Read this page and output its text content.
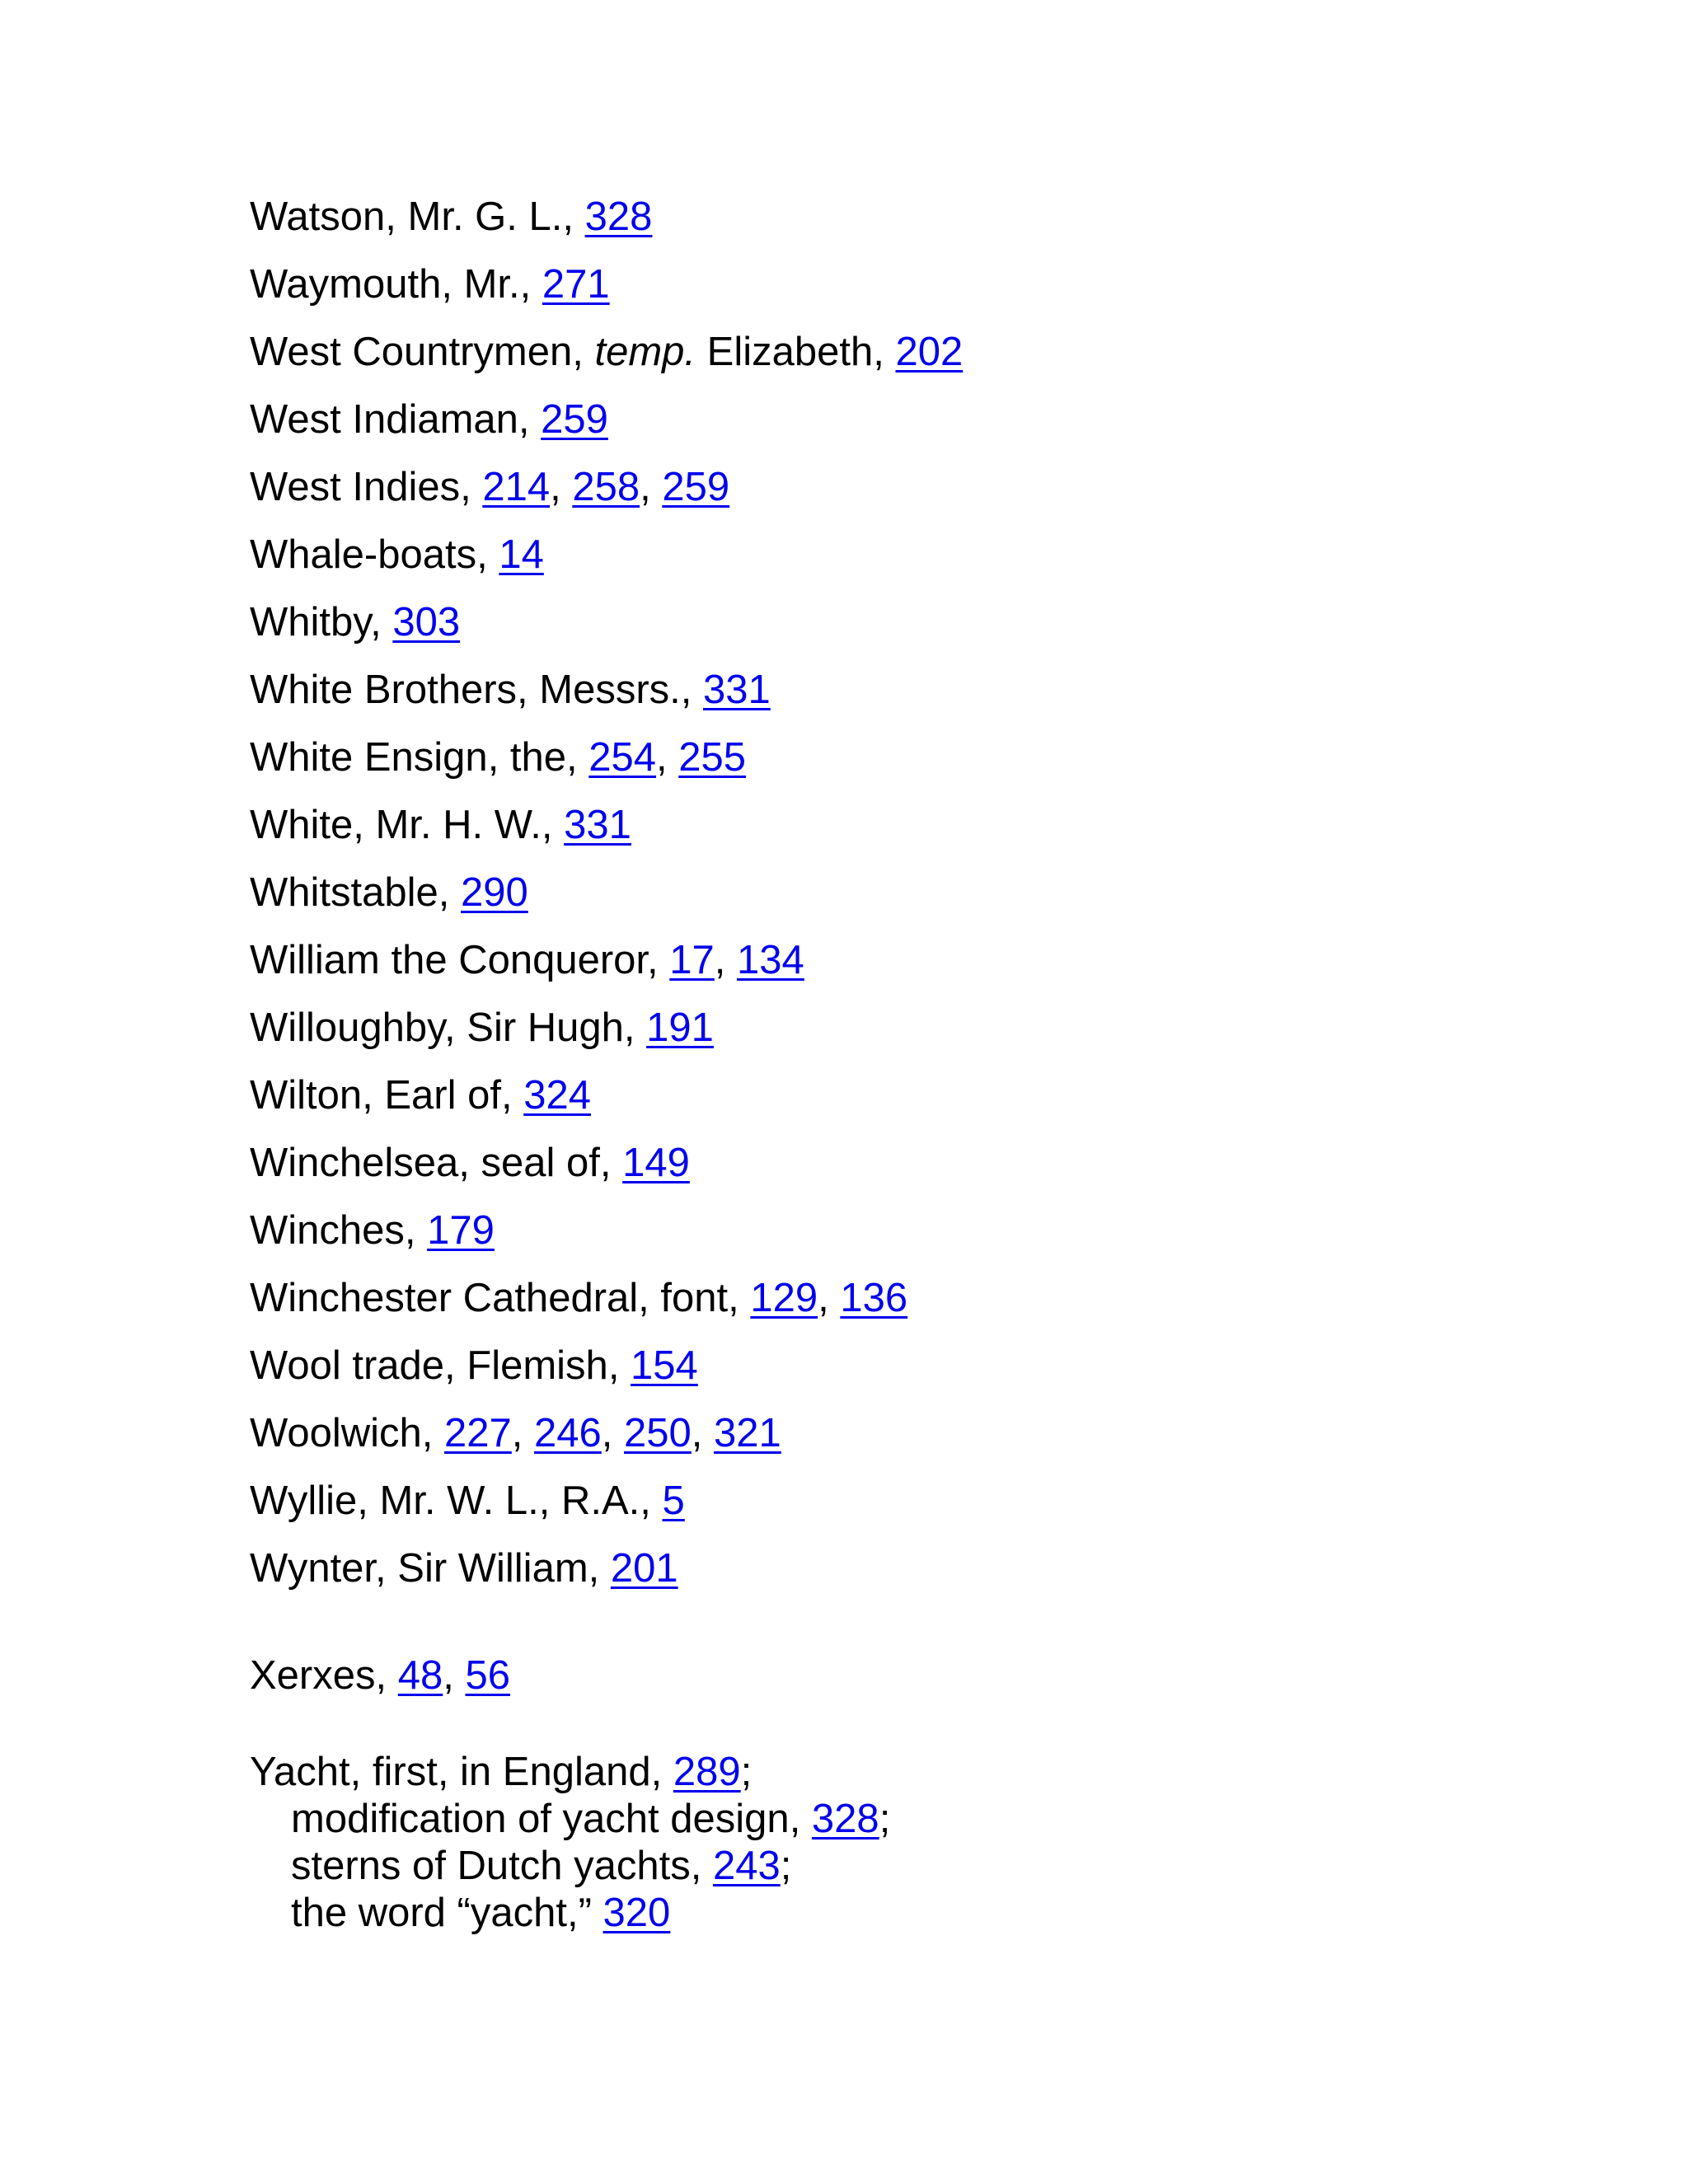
Watson, Mr. G. L., 328
Waymouth, Mr., 271
West Countrymen, temp. Elizabeth, 202
West Indiaman, 259
West Indies, 214, 258, 259
Whale-boats, 14
Whitby, 303
White Brothers, Messrs., 331
White Ensign, the, 254, 255
White, Mr. H. W., 331
Whitstable, 290
William the Conqueror, 17, 134
Willoughby, Sir Hugh, 191
Wilton, Earl of, 324
Winchelsea, seal of, 149
Winches, 179
Winchester Cathedral, font, 129, 136
Wool trade, Flemish, 154
Woolwich, 227, 246, 250, 321
Wyllie, Mr. W. L., R.A., 5
Wynter, Sir William, 201
Xerxes, 48, 56
Yacht, first, in England, 289;
modification of yacht design, 328;
sterns of Dutch yachts, 243;
the word “yacht,” 320
